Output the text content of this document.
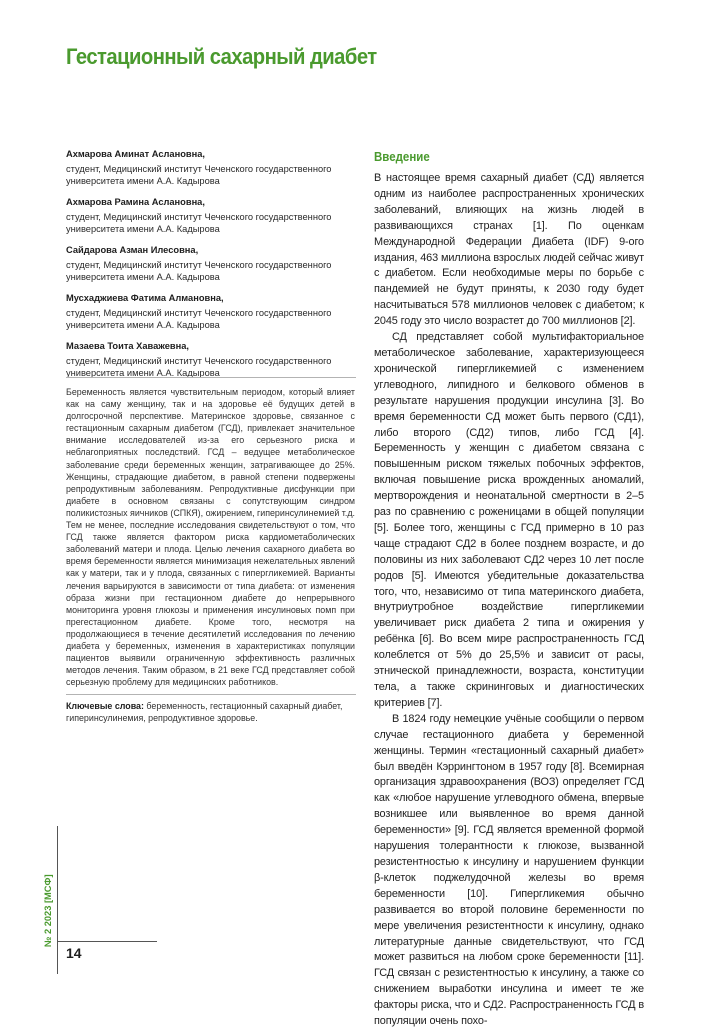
Гестационный сахарный диабет
Ахмарова Аминат Аслановна,
студент, Медицинский институт Чеченского государственного университета имени А.А. Кадырова
Ахмарова Рамина Аслановна,
студент, Медицинский институт Чеченского государственного университета имени А.А. Кадырова
Сайдарова Азман Илесовна,
студент, Медицинский институт Чеченского государственного университета имени А.А. Кадырова
Мусхаджиева Фатима Алмановна,
студент, Медицинский институт Чеченского государственного университета имени А.А. Кадырова
Мазаева Тоита Хаважевна,
студент, Медицинский институт Чеченского государственного университета имени А.А. Кадырова

Беременность является чувствительным периодом, который влияет как на саму женщину, так и на здоровье её будущих детей в долгосрочной перспективе. Материнское здоровье, связанное с гестационным сахарным диабетом (ГСД), привлекает значительное внимание исследователей из-за его серьезного риска и неблагоприятных последствий. ГСД – ведущее метаболическое заболевание среди беременных женщин, затрагивающее до 25%. Женщины, страдающие диабетом, в равной степени подвержены репродуктивным заболеваниям. Репродуктивные дисфункции при диабете в основном связаны с сопутствующим синдром поликистозных яичников (СПКЯ), ожирением, гиперинсулинемией т.д. Тем не менее, последние исследования свидетельствуют о том, что ГСД также является фактором риска кардиометаболических заболеваний матери и плода. Целью лечения сахарного диабета во время беременности является минимизация нежелательных явлений как у матери, так и у плода, связанных с гипергликемией. Варианты лечения варьируются в зависимости от типа диабета: от изменения образа жизни при гестационном диабете до непрерывного мониторинга уровня глюкозы и применения инсулиновых помп при прегестационном диабете. Кроме того, несмотря на продолжающиеся в течение десятилетий исследования по лечению диабета у беременных, изменения в характеристиках популяции пациентов выявили ограниченную эффективность различных методов лечения. Таким образом, в 21 веке ГСД представляет собой серьезную проблему для медицинских работников.

Ключевые слова: беременность, гестационный сахарный диабет, гиперинсулинемия, репродуктивное здоровье.

Введение

В настоящее время сахарный диабет (СД) является одним из наиболее распространенных хронических заболеваний, влияющих на жизнь людей в развивающихся странах [1]. По оценкам Международной Федерации Диабета (IDF) 9-ого издания, 463 миллиона взрослых людей сейчас живут с диабетом. Если необходимые меры по борьбе с пандемией не будут приняты, к 2030 году будет насчитываться 578 миллионов человек с диабетом; к 2045 году это число возрастет до 700 миллионов [2].

СД представляет собой мультифакториальное метаболическое заболевание, характеризующееся хронической гипергликемией с изменением углеводного, липидного и белкового обменов в результате нарушения продукции инсулина [3]. Во время беременности СД может быть первого (СД1), либо второго (СД2) типов, либо ГСД [4]. Беременность у женщин с диабетом связана с повышенным риском тяжелых побочных эффектов, включая повышение риска врожденных аномалий, мертворождения и неонатальной смертности в 2–5 раз по сравнению с роженицами в общей популяции [5]. Более того, женщины с ГСД примерно в 10 раз чаще страдают СД2 в более позднем возрасте, и до половины из них заболевают СД2 через 10 лет после родов [5]. Имеются убедительные доказательства того, что, независимо от типа материнского диабета, внутриутробное воздействие гипергликемии увеличивает риск диабета 2 типа и ожирения у ребёнка [6]. Во всем мире распространенность ГСД колеблется от 5% до 25,5% и зависит от расы, этнической принадлежности, возраста, конституции тела, а также скрининговых и диагностических критериев [7].

В 1824 году немецкие учёные сообщили о первом случае гестационного диабета у беременной женщины. Термин «гестационный сахарный диабет» был введён Кэррингтоном в 1957 году [8]. Всемирная организация здравоохранения (ВОЗ) определяет ГСД как «любое нарушение углеводного обмена, впервые возникшее или выявленное во время данной беременности» [9]. ГСД является временной формой нарушения толерантности к глюкозе, вызванной резистентностью к инсулину и нарушением функции β-клеток поджелудочной железы во время беременности [10]. Гипергликемия обычно развивается во второй половине беременности по мере увеличения резистентности к инсулину, однако литературные данные свидетельствуют, что ГСД может развиться на любом сроке беременности [11]. ГСД связан с резистентностью к инсулину, а также со снижением выработки инсулина и имеет те же факторы риска, что и СД2. Распространенность ГСД в популяции очень похо-

№ 2 2023 [МСФ]
14
